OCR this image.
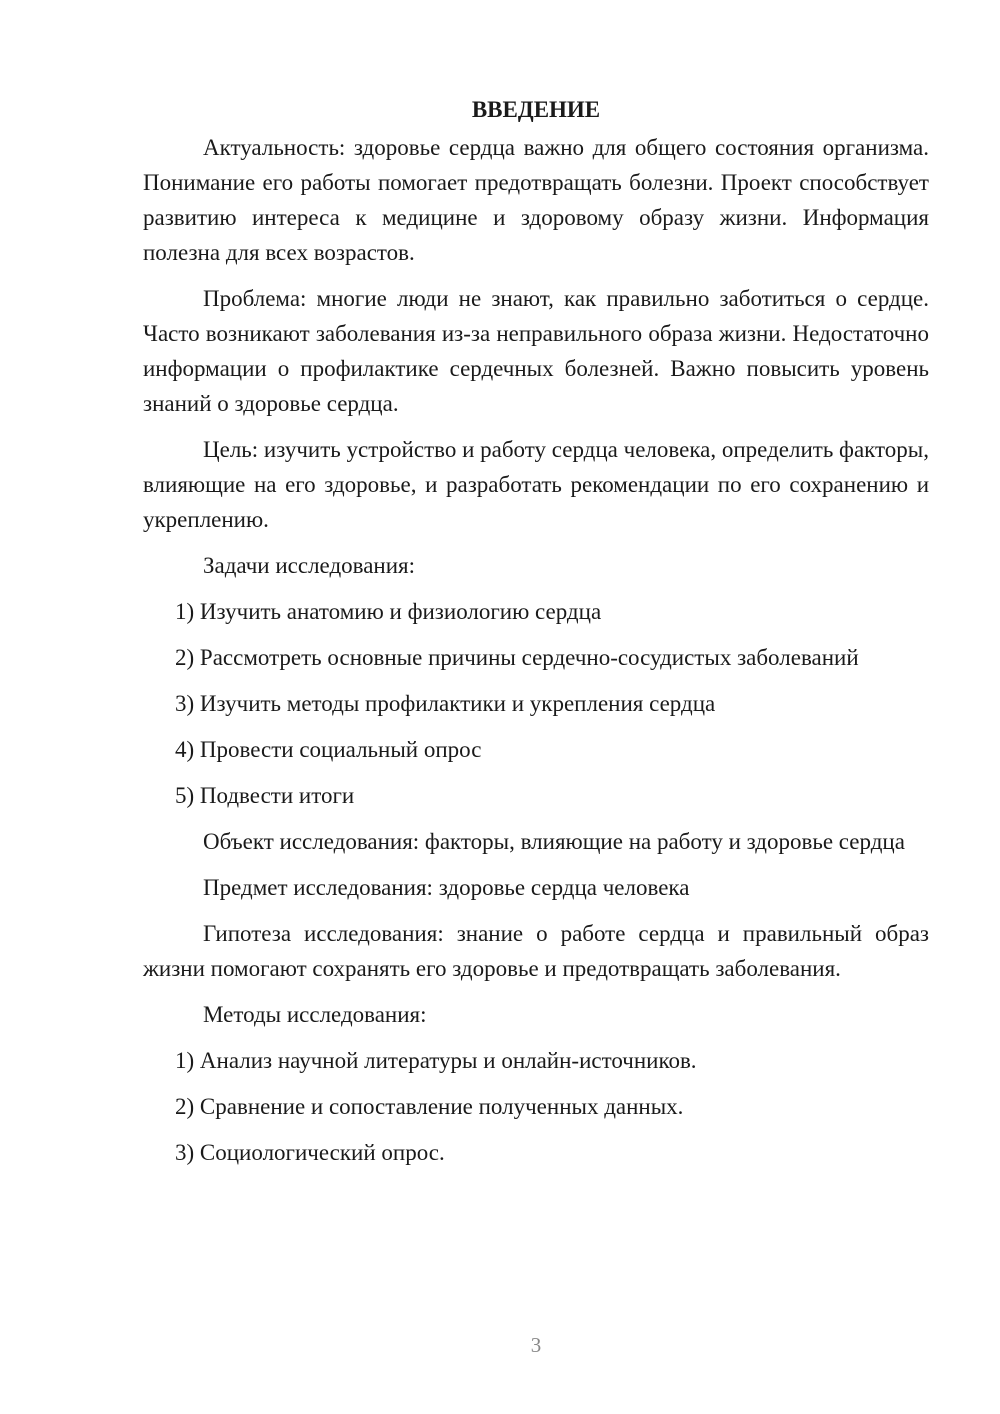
ВВЕДЕНИЕ

Актуальность: здоровье сердца важно для общего состояния организма. Понимание его работы помогает предотвращать болезни. Проект способствует развитию интереса к медицине и здоровому образу жизни. Информация полезна для всех возрастов.

Проблема: многие люди не знают, как правильно заботиться о сердце. Часто возникают заболевания из-за неправильного образа жизни. Недостаточно информации о профилактике сердечных болезней. Важно повысить уровень знаний о здоровье сердца.

Цель: изучить устройство и работу сердца человека, определить факторы, влияющие на его здоровье, и разработать рекомендации по его сохранению и укреплению.

Задачи исследования:
1) Изучить анатомию и физиологию сердца
2) Рассмотреть основные причины сердечно-сосудистых заболеваний
3) Изучить методы профилактики и укрепления сердца
4) Провести социальный опрос
5) Подвести итоги

Объект исследования: факторы, влияющие на работу и здоровье сердца

Предмет исследования: здоровье сердца человека

Гипотеза исследования: знание о работе сердца и правильный образ жизни помогают сохранять его здоровье и предотвращать заболевания.

Методы исследования:
1) Анализ научной литературы и онлайн-источников.
2) Сравнение и сопоставление полученных данных.
3) Социологический опрос.
3
